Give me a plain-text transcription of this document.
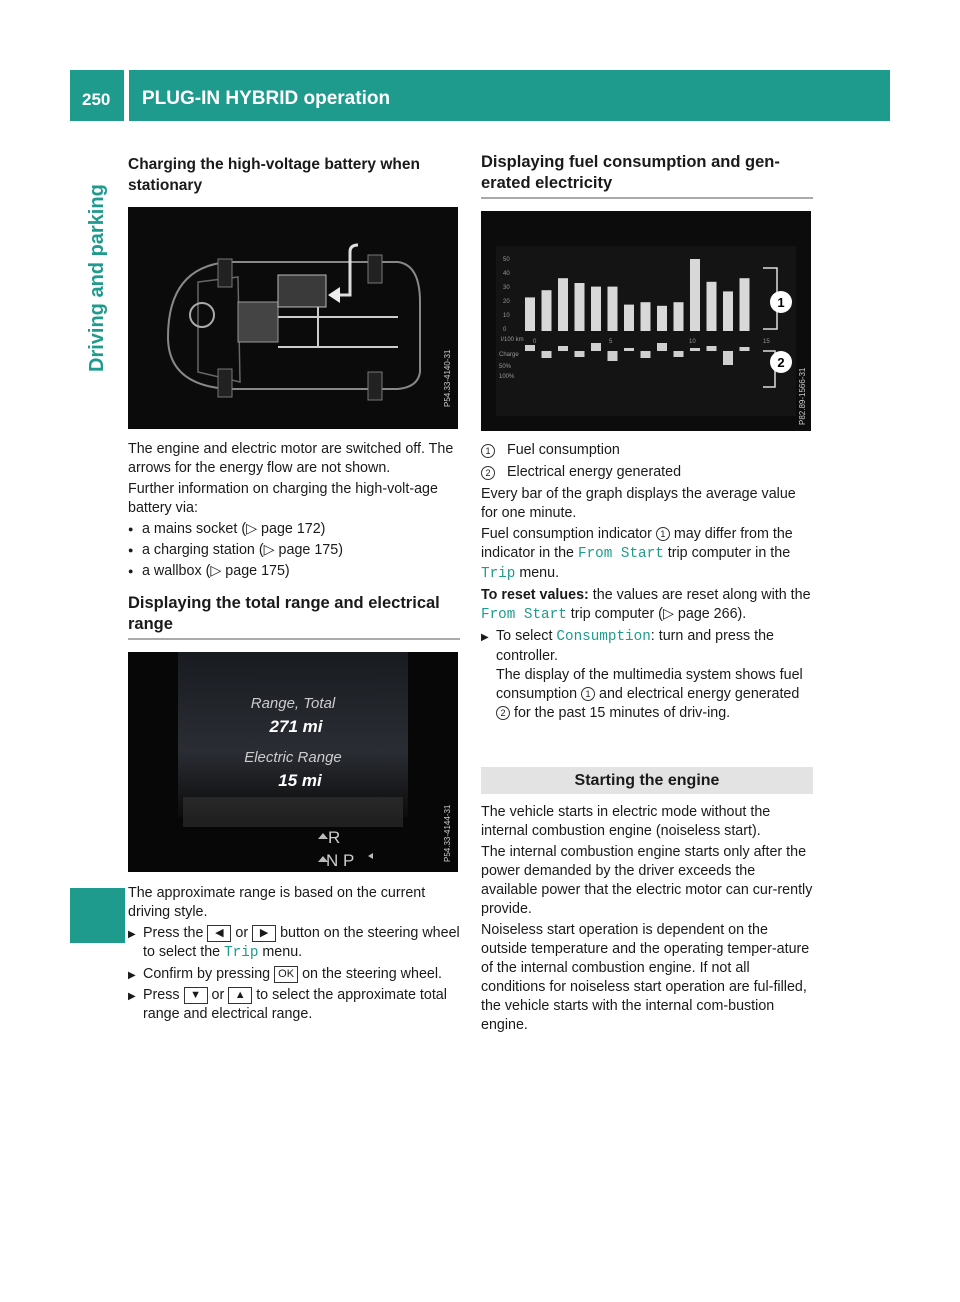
250 PLUG-IN HYBRID operation
Driving and parking
Charging the high-voltage battery when stationary
P54.33-4140-31

The engine and electric motor are switched off. The arrows for the energy flow are not shown.

Further information on charging the high-volt-age battery via:

● a mains socket (▷ page 172)
● a charging station (▷ page 175)
● a wallbox (▷ page 175)
Displaying the total range and electrical range
Range, Total
271 mi
Electric Range
15 mi
R
N P	P54.33-4144-31

The approximate range is based on the current driving style.

▶ Press the ◀ or ▶ button on the steering wheel to select the Trip menu.
▶ Confirm by pressing OK on the steering wheel.
▶ Press ▼ or ▲ to select the approximate total range and electrical range.
Displaying fuel consumption and gen-erated electricity
50
40
30
20
10
0
l/100 km
Charge
50%
100%
0	5	10	15
1
2
P82.89-1566-31
1	Fuel consumption
2	Electrical energy generated

Every bar of the graph displays the average value for one minute.

Fuel consumption indicator 1 may differ from the indicator in the From Start trip computer in the Trip menu.

To reset values: the values are reset along with the From Start trip computer (▷ page 266).

▶ To select Consumption: turn and press the controller.
The display of the multimedia system shows fuel consumption 1 and electrical energy generated 2 for the past 15 minutes of driv-ing.
Starting the engine

The vehicle starts in electric mode without the internal combustion engine (noiseless start).

The internal combustion engine starts only after the power demanded by the driver exceeds the available power that the electric motor can cur-rently provide.

Noiseless start operation is dependent on the outside temperature and the operating temper-ature of the internal combustion engine. If not all conditions for noiseless start operation are ful-filled, the vehicle starts with the internal com-bustion engine.
